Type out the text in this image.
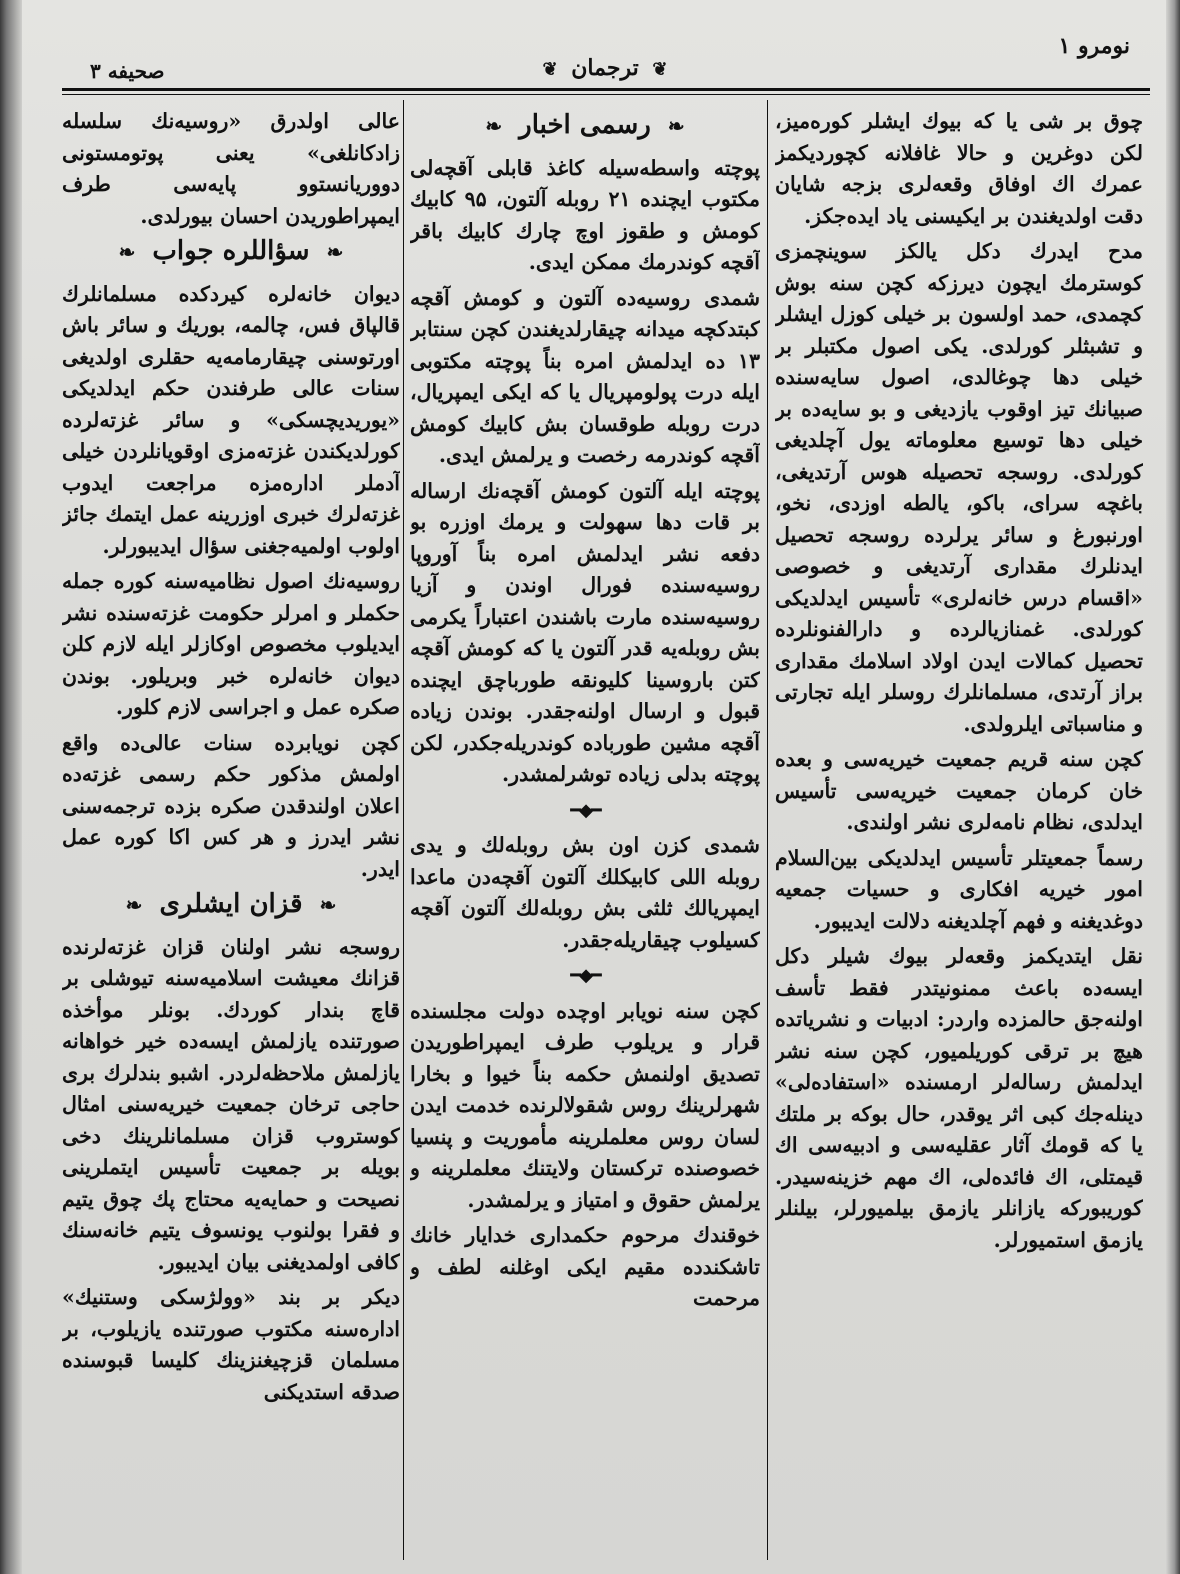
نومرو ۱
❦ ترجمان ❦
صحيفه ۳

چوق بر شی یا که بیوك ایشلر کوره‌میز، لکن دوغرین و حالا غافلانه کچوردیکمز عمرك اك اوفاق وقعه‌لری بزجه شایان دقت اولدیغندن بر ایکیسنی یاد ایده‌جکز.

مدح ایدرك دکل یالکز سوینچمزی کوسترمك ایچون دیرزکه کچن سنه بوش کچمدی، حمد اولسون بر خیلی کوزل ایشلر و تشبثلر کورلدی. یکی اصول مکتبلر بر خیلی دها چوغالدی، اصول سایه‌سنده صبیانك تیز اوقوب یازدیغی و بو سایه‌ده بر خیلی دها توسیع معلوماته یول آچلدیغی کورلدی. روسجه تحصیله هوس آرتدیغی، باغچه سرای، باکو، یالطه اوزدی، نخو، اورنبورغ و سائر یرلرده روسجه تحصیل ایدنلرك مقداری آرتدیغی و خصوصی «اقسام درس خانه‌لری» تأسیس ایدلدیکی کورلدی. غمنازیالرده و دارالفنونلرده تحصیل کمالات ایدن اولاد اسلامك مقداری براز آرتدی، مسلمانلرك روسلر ایله تجارتی و مناسباتی ایلرولدی.

کچن سنه قریم جمعیت خیریه‌سی و بعده خان کرمان جمعیت خیریه‌سی تأسیس ایدلدی، نظام نامه‌لری نشر اولندی.

رسماً جمعیتلر تأسیس ایدلدیکی بین‌السلام امور خیریه افکاری و حسیات جمعیه دوغدیغنه و فهم آچلدیغنه دلالت ایدیبور.

نقل ایتدیکمز وقعه‌لر بیوك شیلر دکل ایسه‌ده باعث ممنونیتدر فقط تأسف اولنه‌جق حالمزده واردر: ادبیات و نشریاتده هیچ بر ترقی کوریلمیور، کچن سنه نشر ایدلمش رساله‌لر ارمسنده «استفاده‌لی» دینله‌جك کبی اثر یوقدر، حال بوکه بر ملتك یا که قومك آثار عقلیه‌سی و ادبیه‌سی اك قیمتلی، اك فائده‌لی، اك مهم خزینه‌سیدر. کوریبورکه یازانلر یازمق بیلمیورلر، بیلنلر یازمق استمیورلر.

❧ رسمی اخبار ❧

پوچته واسطه‌سیله کاغذ قابلی آقچه‌لی مکتوب ایچنده ۲۱ روبله آلتون، ۹۵ کابیك کومش و طقوز اوچ چارك کابیك باقر آقچه کوندرمك ممکن ایدی.

شمدی روسیه‌ده آلتون و کومش آقچه کبتدکچه میدانه چیقارلدیغندن کچن سنتابر ۱۳ ده ایدلمش امره بناً پوچته مکتوبی ایله درت پولومپریال یا که ایکی ایمپریال، درت روبله طوقسان بش کابیك کومش آقچه کوندرمه رخصت و یرلمش ایدی.

پوچته ایله آلتون کومش آقچه‌نك ارساله بر قات دها سهولت و یرمك اوزره بو دفعه نشر ایدلمش امره بناً آوروپا روسیه‌سنده فورال اوندن و آزیا روسیه‌سنده مارت باشندن اعتباراً یکرمی بش روبله‌یه قدر آلتون یا که کومش آقچه کتن باروسینا کلیونقه طوربا‌چق ایچنده قبول و ارسال اولنه‌جقدر. بوندن زیاده آقچه مشین طورباده کوندریله‌جکدر، لکن پوچته بدلی زیاده توشرلمشدر.

━◆━

شمدی کزن اون بش روبله‌لك و یدی روبله اللی کابیکلك آلتون آقچه‌دن ماعدا ایمپریالك ثلثی بش روبله‌لك آلتون آقچه کسیلوب چیقاریله‌جقدر.

━◆━

کچن سنه نویابر اوچده دولت مجلسنده قرار و یریلوب طرف ایمپراطوریدن تصدیق اولنمش حکمه بناً خیوا و بخارا شهرلرینك روس شقولالرنده خدمت ایدن لسان روس معلملرینه مأموریت و پنسیا خصوصنده ترکستان ولایتنك معلملرینه و یرلمش حقوق و امتیاز و یرلمشدر.

خوقندك مرحوم حکمداری خدایار خانك تاشکندده مقیم ایکی اوغلنه لطف و مرحمت

عالی اولدرق «روسیه‌نك سلسله زادکانلغی» یعنی پوتومستونی دووریانستوو پایه‌سی طرف ایمپراطوریدن احسان بیورلدی.

❧ سؤاللره جواب ❧

دیوان خانه‌لره کیردکده مسلمانلرك قالپاق فس، چالمه، بوریك و سائر باش اورتوسنی چیقارمامه‌یه حقلری اولدیغی سنات عالی طرفندن حکم ایدلدیکی «یوریدیچسکی» و سائر غزته‌لرده کورلدیکندن غزته‌مزی اوقویانلردن خیلی آدملر اداره‌مزه مراجعت ایدوب غزته‌لرك خبری اوزرینه عمل ایتمك جائز اولوب اولمیه‌جغنی سؤال ایدیبورلر.

روسیه‌نك اصول نظامیه‌سنه کوره جمله حکملر و امرلر حکومت غزته‌سنده نشر ایدیلوب مخصوص اوکازلر ایله لازم کلن دیوان خانه‌لره خبر وبریلور. بوندن صکره عمل و اجراسی لازم کلور.

کچن نویابرده سنات عالی‌ده واقع اولمش مذکور حکم رسمی غزته‌ده اعلان اولندقدن صکره بزده ترجمه‌سنی نشر ایدرز و هر کس اکا کوره عمل ایدر.

❧ قزان ایشلری ❧

روسجه نشر اولنان قزان غزته‌لرنده قزانك معیشت اسلامیه‌سنه تیوشلی بر قاچ بندار کوردك. بونلر موأخذه صورتنده یازلمش ایسه‌ده خیر خواهانه یازلمش ملاحظه‌لردر. اشبو بندلرك بری حاجی ترخان جمعیت خیریه‌سنی امثال کوستروب قزان مسلمانلرینك دخی بویله بر جمعیت تأسیس ایتملرینی نصیحت و حمایه‌یه محتاج پك چوق یتیم و فقرا بولنوب یونسوف یتیم خانه‌سنك کافی اولمدیغنی بیان ایدیبور.

دیکر بر بند «وولژسکی وستنیك» اداره‌سنه مکتوب صورتنده یازیلوب، بر مسلمان قزچیغنزینك کلیسا قبوسنده صدقه استدیکنی
